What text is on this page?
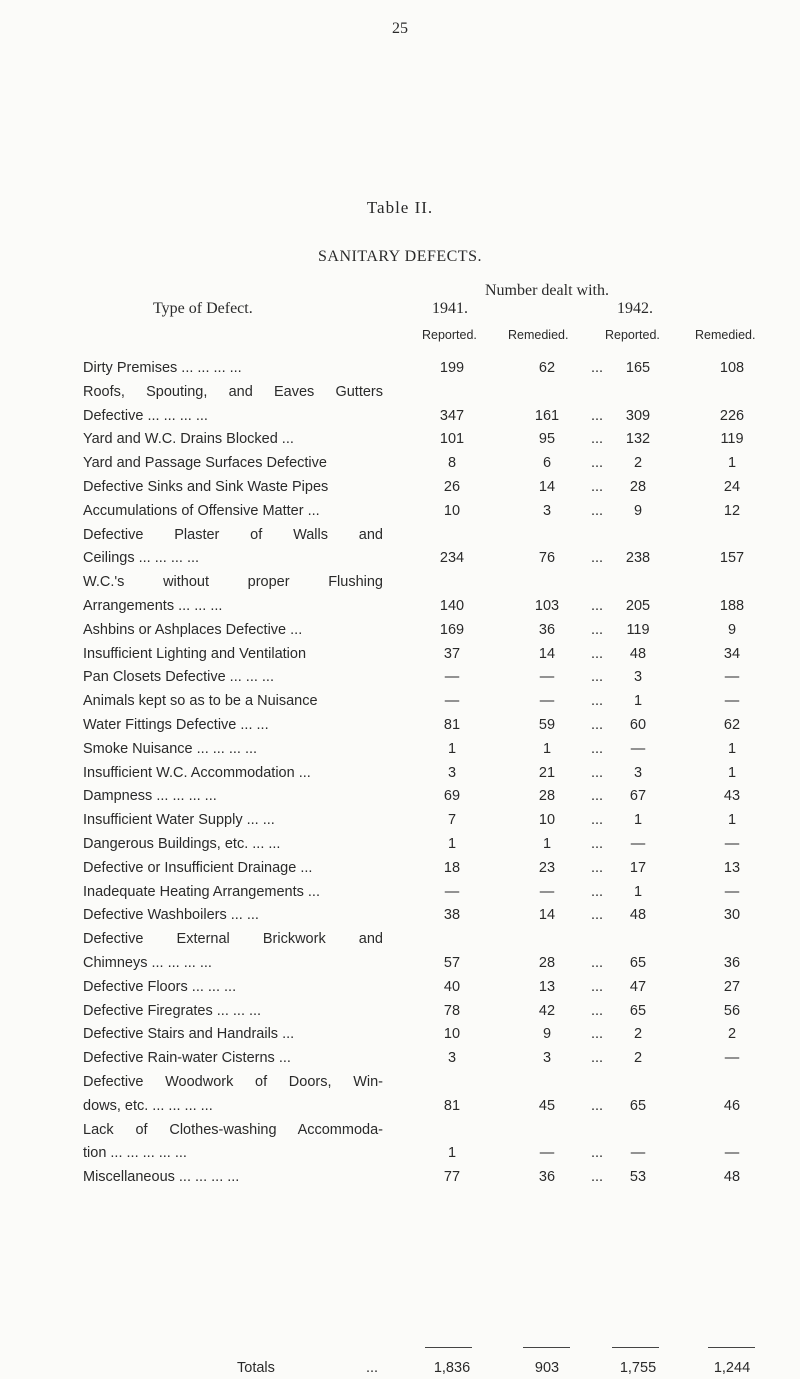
25
Table II.
SANITARY DEFECTS.
Type of Defect.
Number dealt with.
1941.	1942.
Reported. Remedied.	Reported.	Remedied.
Dirty Premises ... ... ... ...	199	62	165	108
...
Roofs, Spouting, and Eaves Gutters
Defective ... ... ... ...	347	161	309	226
...
Yard and W.C. Drains Blocked ...	101	95	132	119
...
Yard and Passage Surfaces Defective	8	6	2	1
...
Defective Sinks and Sink Waste Pipes	26	14	28	24
...
Accumulations of Offensive Matter ...	10	3	9	12
...
Defective Plaster of Walls and
Ceilings ... ... ... ...	234	76	238	157
...
W.C.'s without proper Flushing
Arrangements ... ... ...	140	103	205	188
...
Ashbins or Ashplaces Defective ...	169	36	119	9
...
Insufficient Lighting and Ventilation	37	14	48	34
...
Pan Closets Defective ... ... ...	—	—	3	—
...
Animals kept so as to be a Nuisance	—	—	1	—
...
Water Fittings Defective ... ...	81	59	60	62
...
Smoke Nuisance ... ... ... ...	1	1	—	1
...
Insufficient W.C. Accommodation ...	3	21	3	1
...
Dampness ... ... ... ...	69	28	67	43
...
Insufficient Water Supply ... ...	7	10	1	1
...
Dangerous Buildings, etc. ... ...	1	1	—	—
...
Defective or Insufficient Drainage ...	18	23	17	13
...
Inadequate Heating Arrangements ...	—	—	1	—
...
Defective Washboilers ... ...	38	14	48	30
...
Defective External Brickwork and
Chimneys ... ... ... ...	57	28	65	36
...
Defective Floors ... ... ...	40	13	47	27
...
Defective Firegrates ... ... ...	78	42	65	56
...
Defective Stairs and Handrails ...	10	9	2	2
...
Defective Rain-water Cisterns ...	3	3	2	—
...
Defective Woodwork of Doors, Win-
dows, etc. ... ... ... ...	81	45	65	46
...
Lack of Clothes-washing Accommoda-
tion ... ... ... ... ...	1	—	—	—
...
Miscellaneous ... ... ... ...	77	36	53	48
...
Totals	...	1,836	903	1,755	1,244
